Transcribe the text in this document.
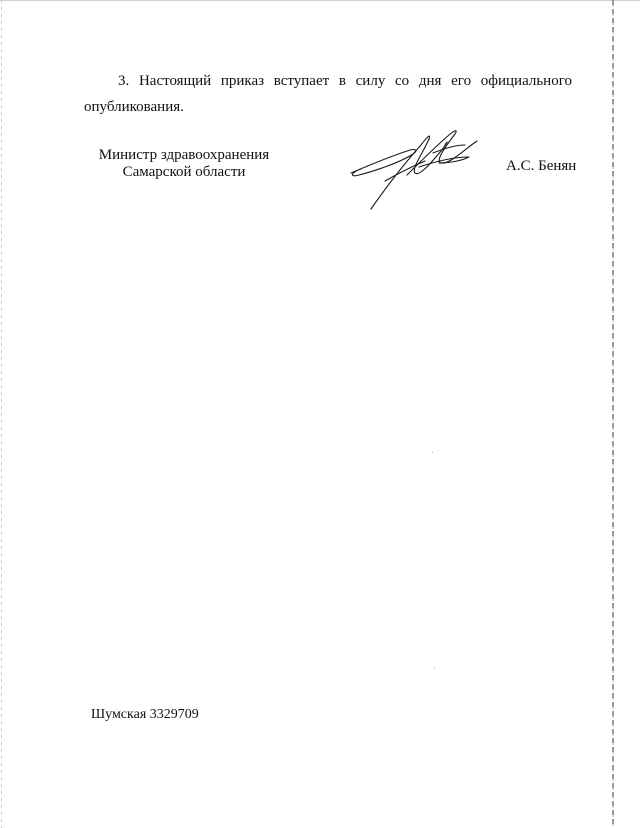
3. Настоящий приказ вступает в силу со дня его официального опубликования.

Министр здравоохранения
Самарской области	А.С. Бенян

Шумская 3329709
